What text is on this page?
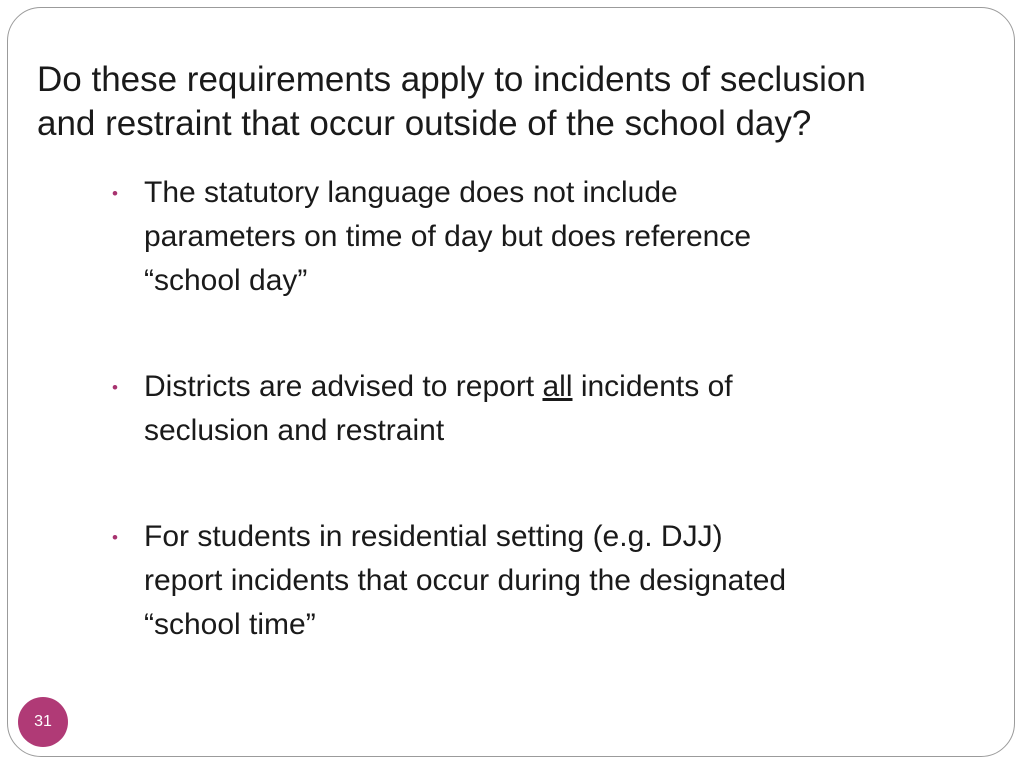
Do these requirements apply to incidents of seclusion
and restraint that occur outside of the school day?
• The statutory language does not include
parameters on time of day but does reference
“school day”
• Districts are advised to report all incidents of
seclusion and restraint
• For students in residential setting (e.g. DJJ)
report incidents that occur during the designated
“school time”
31
